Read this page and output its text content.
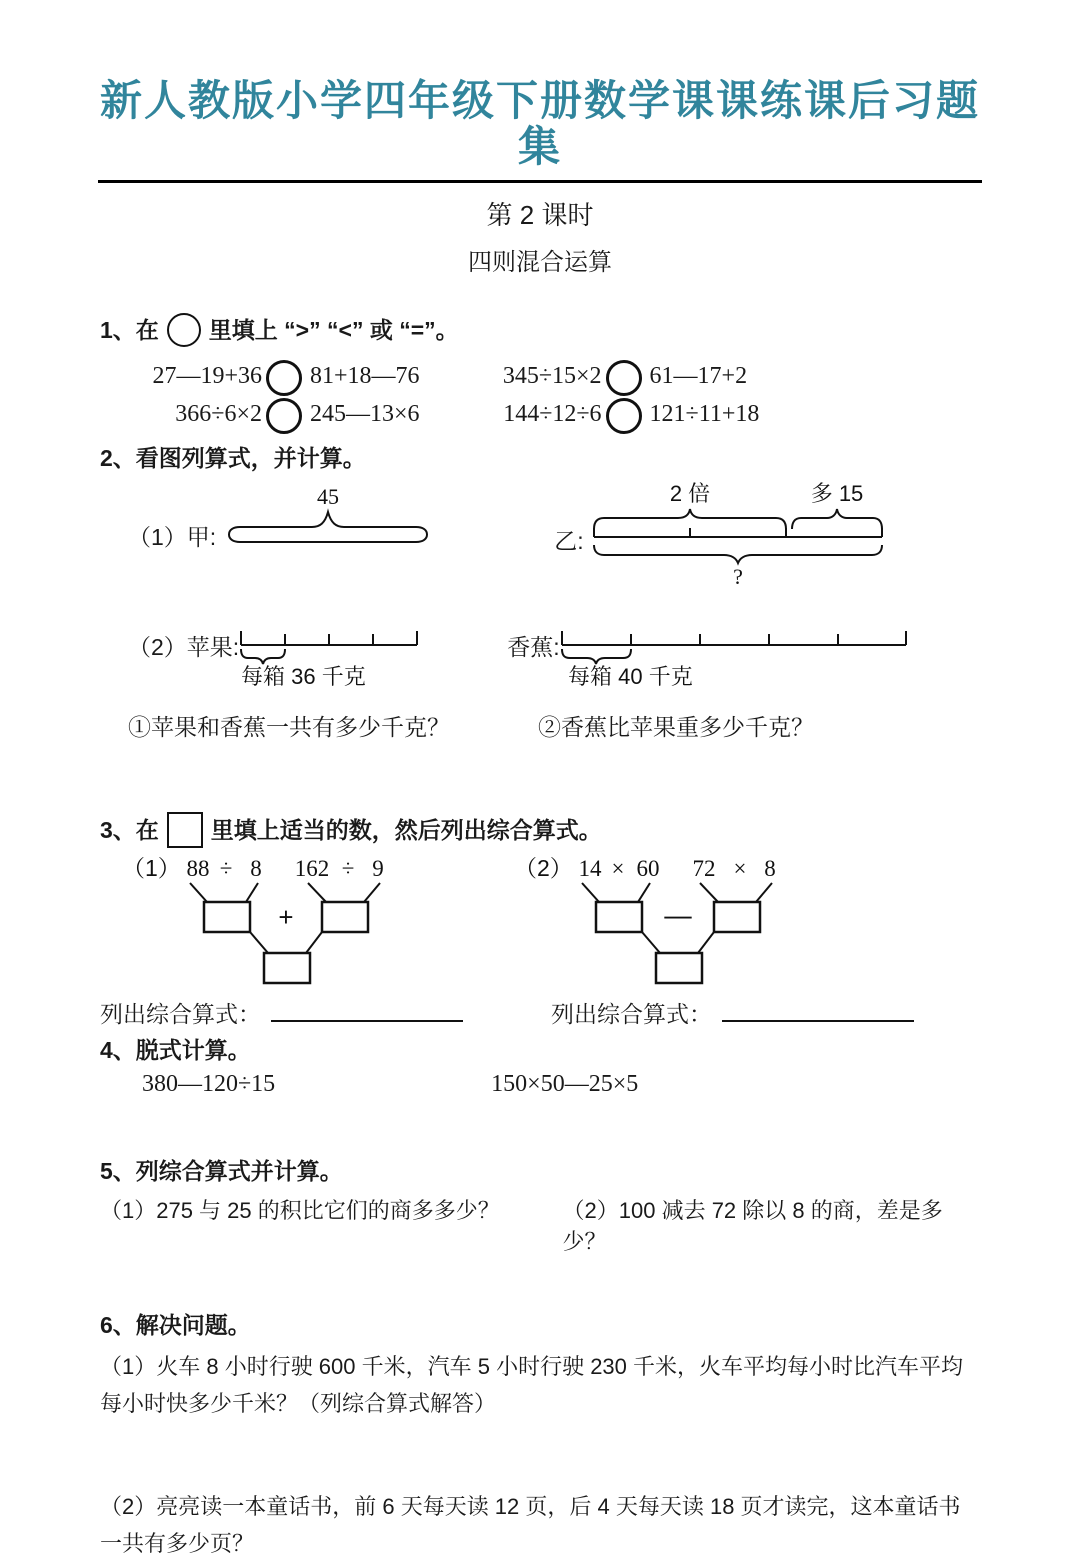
新人教版小学四年级下册数学课课练课后习题集
第 2 课时
四则混合运算
1、在 里填上 “>” “<” 或 “=”。
27—19+36 81+18—76
366÷6×2 245—13×6
345÷15×2 61—17+2
144÷12÷6 121÷11+18
2、看图列算式，并计算。
（1）甲:
45
乙:
2 倍	多 15
?
（2）苹果:
每箱 36 千克
香蕉:
每箱 40 千克
①苹果和香蕉一共有多少千克？	②香蕉比苹果重多少千克？
3、在 里填上适当的数，然后列出综合算式。
（1） 88 ÷ 8 162 ÷ 9
+
（2） 14 × 60 72 × 8
—
列出综合算式：	列出综合算式：
4、脱式计算。
380—120÷15	150×50—25×5
5、列综合算式并计算。
（1）275 与 25 的积比它们的商多多少？	（2）100 减去 72 除以 8 的商，差是多少？
6、解决问题。

（1）火车 8 小时行驶 600 千米，汽车 5 小时行驶 230 千米，火车平均每小时比汽车平均每小时快多少千米？（列综合算式解答）

（2）亮亮读一本童话书，前 6 天每天读 12 页，后 4 天每天读 18 页才读完，这本童话书一共有多少页？
